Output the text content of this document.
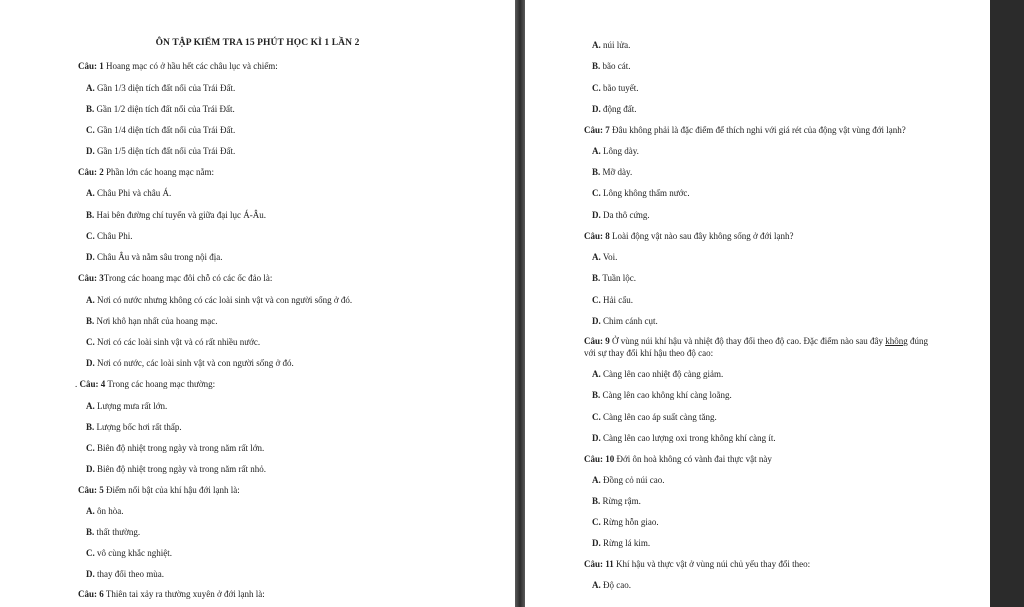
ÔN TẬP KIỂM TRA 15 PHÚT HỌC KÌ 1 LẦN 2
Câu: 1 Hoang mạc có ở hầu hết các châu lục và chiếm:
A. Gần 1/3 diện tích đất nổi của Trái Đất.
B. Gần 1/2 diện tích đất nổi của Trái Đất.
C. Gần 1/4 diện tích đất nổi của Trái Đất.
D. Gần 1/5 diện tích đất nổi của Trái Đất.
Câu: 2 Phần lớn các hoang mạc nằm:
A. Châu Phi và châu Á.
B. Hai bên đường chí tuyến và giữa đại lục Á-Âu.
C. Châu Phi.
D. Châu Âu và nằm sâu trong nội địa.
Câu: 3Trong các hoang mạc đôi chỗ có các ốc đảo là:
A. Nơi có nước nhưng không có các loài sinh vật và con người sống ở đó.
B. Nơi khô hạn nhất của hoang mạc.
C. Nơi có các loài sinh vật và có rất nhiều nước.
D. Nơi có nước, các loài sinh vật và con người sống ở đó.
. Câu: 4 Trong các hoang mạc thường:
A. Lượng mưa rất lớn.
B. Lượng bốc hơi rất thấp.
C. Biên độ nhiệt trong ngày và trong năm rất lớn.
D. Biên độ nhiệt trong ngày và trong năm rất nhỏ.
Câu: 5 Điểm nổi bật của khí hậu đới lạnh là:
A. ôn hòa.
B. thất thường.
C. vô cùng khắc nghiệt.
D. thay đổi theo mùa.
Câu: 6 Thiên tai xảy ra thường xuyên ở đới lạnh là:
A. núi lửa.
B. bão cát.
C. bão tuyết.
D. động đất.
Câu: 7 Đâu không phải là đặc điểm để thích nghi với giá rét của động vật vùng đới lạnh?
A. Lông dày.
B. Mỡ dày.
C. Lông không thấm nước.
D. Da thô cứng.
Câu: 8 Loài động vật nào sau đây không sống ở đới lạnh?
A. Voi.
B. Tuần lộc.
C. Hải cẩu.
D. Chim cánh cụt.
Câu: 9 Ở vùng núi khí hậu và nhiệt độ thay đổi theo độ cao. Đặc điểm nào sau đây không đúng
với sự thay đổi khí hậu theo độ cao:
A. Càng lên cao nhiệt độ càng giảm.
B. Càng lên cao không khí càng loãng.
C. Càng lên cao áp suất càng tăng.
D. Càng lên cao lượng oxi trong không khí càng ít.
Câu: 10 Đới ôn hoà không có vành đai thực vật này
A. Đồng cỏ núi cao.
B. Rừng rậm.
C. Rừng hỗn giao.
D. Rừng lá kim.
Câu: 11 Khí hậu và thực vật ở vùng núi chủ yếu thay đổi theo:
A. Độ cao.
